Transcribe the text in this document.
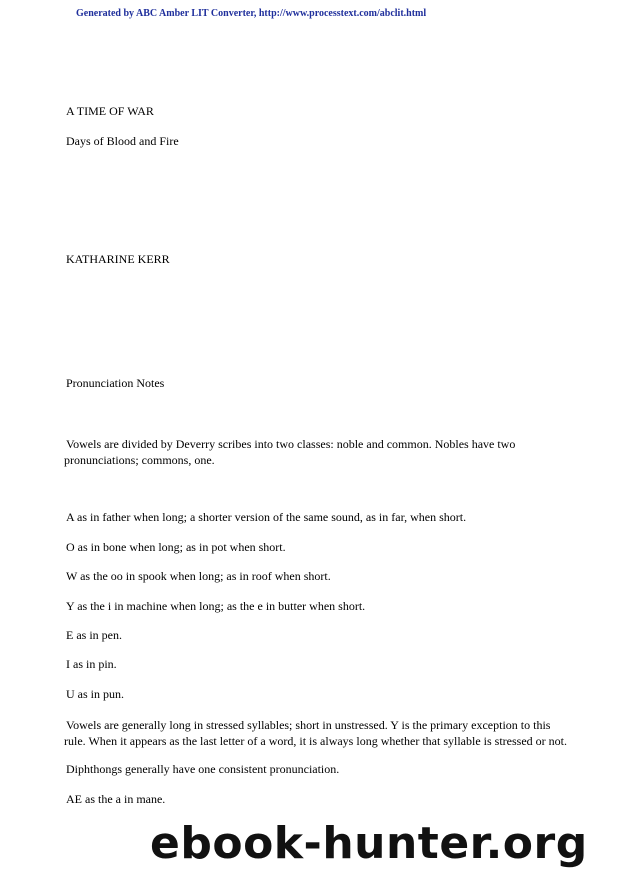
Generated by ABC Amber LIT Converter, http://www.processtext.com/abclit.html
A TIME OF WAR
Days of Blood and Fire
KATHARINE KERR
Pronunciation Notes
Vowels are divided by Deverry scribes into two classes: noble and common. Nobles have two pronunciations; commons, one.
A as in father when long; a shorter version of the same sound, as in far, when short.
O as in bone when long; as in pot when short.
W as the oo in spook when long; as in roof when short.
Y as the i in machine when long; as the e in butter when short.
E as in pen.
I as in pin.
U as in pun.
Vowels are generally long in stressed syllables; short in unstressed. Y is the primary exception to this rule. When it appears as the last letter of a word, it is always long whether that syllable is stressed or not.
Diphthongs generally have one consistent pronunciation.
AE as the a in mane.
ebook-hunter.org
